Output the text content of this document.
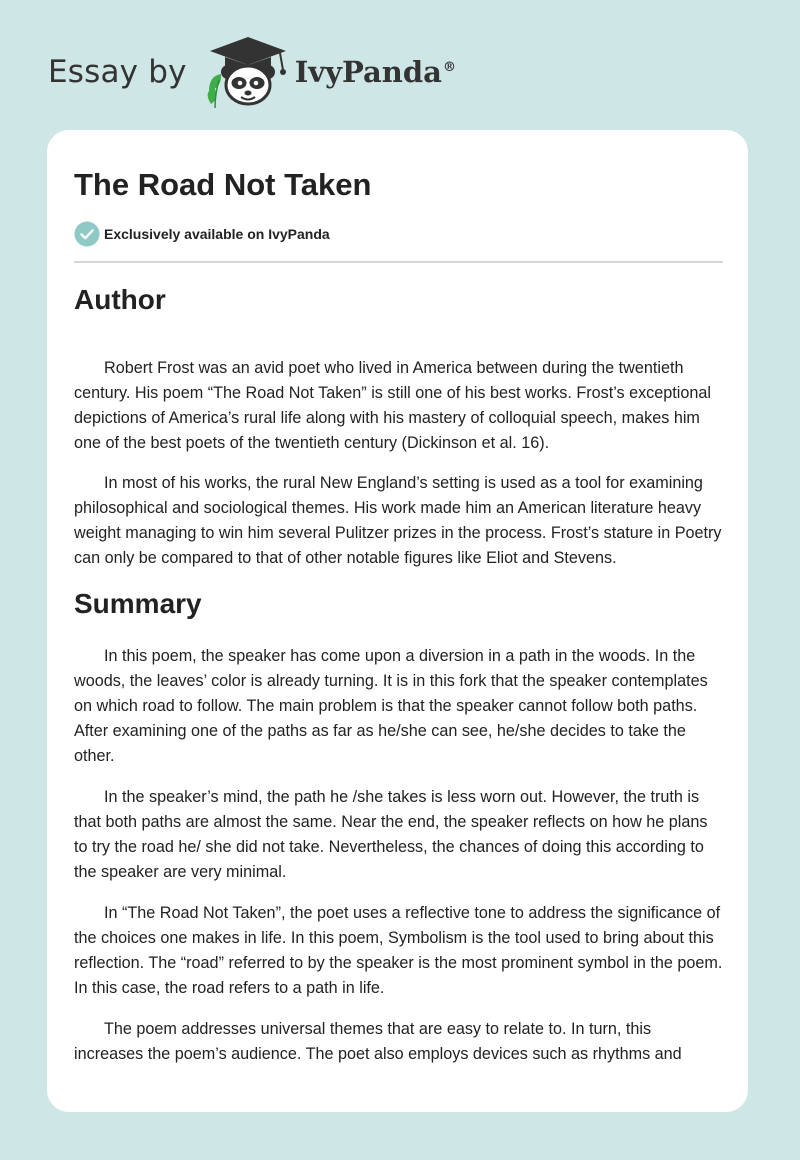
Essay by	IvyPanda®
The Road Not Taken
Exclusively available on IvyPanda
Author

Robert Frost was an avid poet who lived in America between during the twentieth century. His poem “The Road Not Taken” is still one of his best works. Frost’s exceptional depictions of America’s rural life along with his mastery of colloquial speech, makes him one of the best poets of the twentieth century (Dickinson et al. 16).

In most of his works, the rural New England’s setting is used as a tool for examining philosophical and sociological themes. His work made him an American literature heavy weight managing to win him several Pulitzer prizes in the process. Frost’s stature in Poetry can only be compared to that of other notable figures like Eliot and Stevens.

Summary

In this poem, the speaker has come upon a diversion in a path in the woods. In the woods, the leaves’ color is already turning. It is in this fork that the speaker contemplates on which road to follow. The main problem is that the speaker cannot follow both paths. After examining one of the paths as far as he/she can see, he/she decides to take the other.

In the speaker’s mind, the path he /she takes is less worn out. However, the truth is that both paths are almost the same. Near the end, the speaker reflects on how he plans to try the road he/ she did not take. Nevertheless, the chances of doing this according to the speaker are very minimal.

In “The Road Not Taken”, the poet uses a reflective tone to address the significance of the choices one makes in life. In this poem, Symbolism is the tool used to bring about this reflection. The “road” referred to by the speaker is the most prominent symbol in the poem. In this case, the road refers to a path in life.

The poem addresses universal themes that are easy to relate to. In turn, this increases the poem’s audience. The poet also employs devices such as rhythms and
